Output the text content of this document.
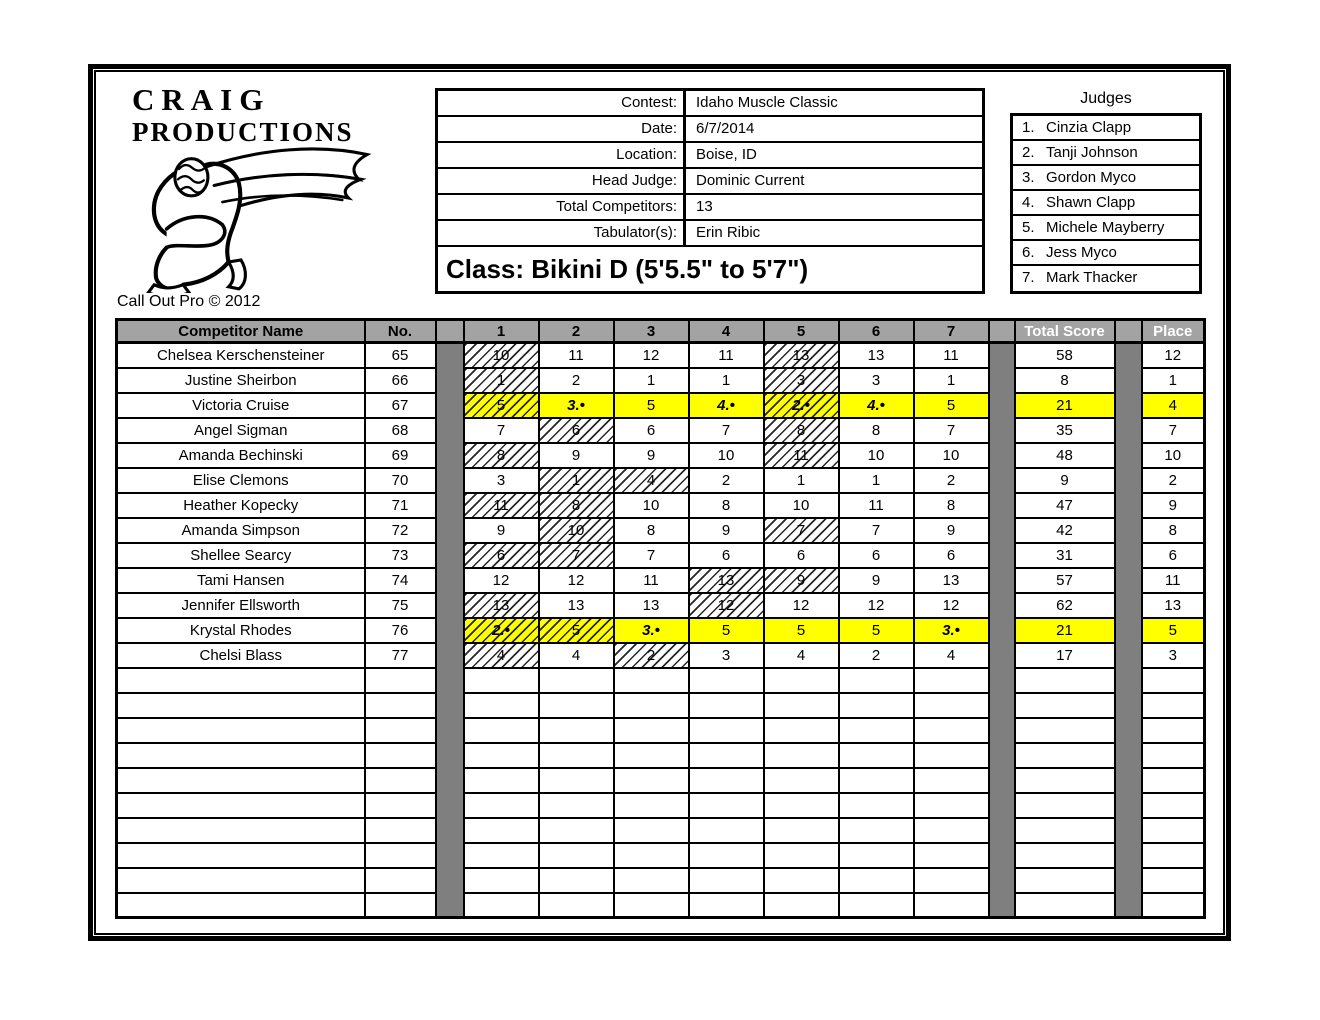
CRAIG
PRODUCTIONS
Call Out Pro © 2012
Contest:	Idaho Muscle Classic
Date:	6/7/2014
Location:	Boise, ID
Head Judge:	Dominic Current
Total Competitors:	13
Tabulator(s):	Erin Ribic
Class: Bikini D (5'5.5" to 5'7")
Judges
1. Cinzia Clapp
2. Tanji Johnson
3. Gordon Myco
4. Shawn Clapp
5. Michele Mayberry
6. Jess Myco
7. Mark Thacker
Competitor Name	No.		1	2	3	4	5	6	7		Total Score		Place
Chelsea Kerschensteiner	65		10	11	12	11	13	13	11		58		12
Justine Sheirbon	66		1	2	1	1	3	3	1		8		1
Victoria Cruise	67		5	3.•	5	4.•	2.•	4.•	5		21		4
Angel Sigman	68		7	6	6	7	8	8	7		35		7
Amanda Bechinski	69		8	9	9	10	11	10	10		48		10
Elise Clemons	70		3	1	4	2	1	1	2		9		2
Heather Kopecky	71		11	8	10	8	10	11	8		47		9
Amanda Simpson	72		9	10	8	9	7	7	9		42		8
Shellee Searcy	73		6	7	7	6	6	6	6		31		6
Tami Hansen	74		12	12	11	13	9	9	13		57		11
Jennifer Ellsworth	75		13	13	13	12	12	12	12		62		13
Krystal Rhodes	76		2.•	5	3.•	5	5	5	3.•		21		5
Chelsi Blass	77		4	4	2	3	4	2	4		17		3
